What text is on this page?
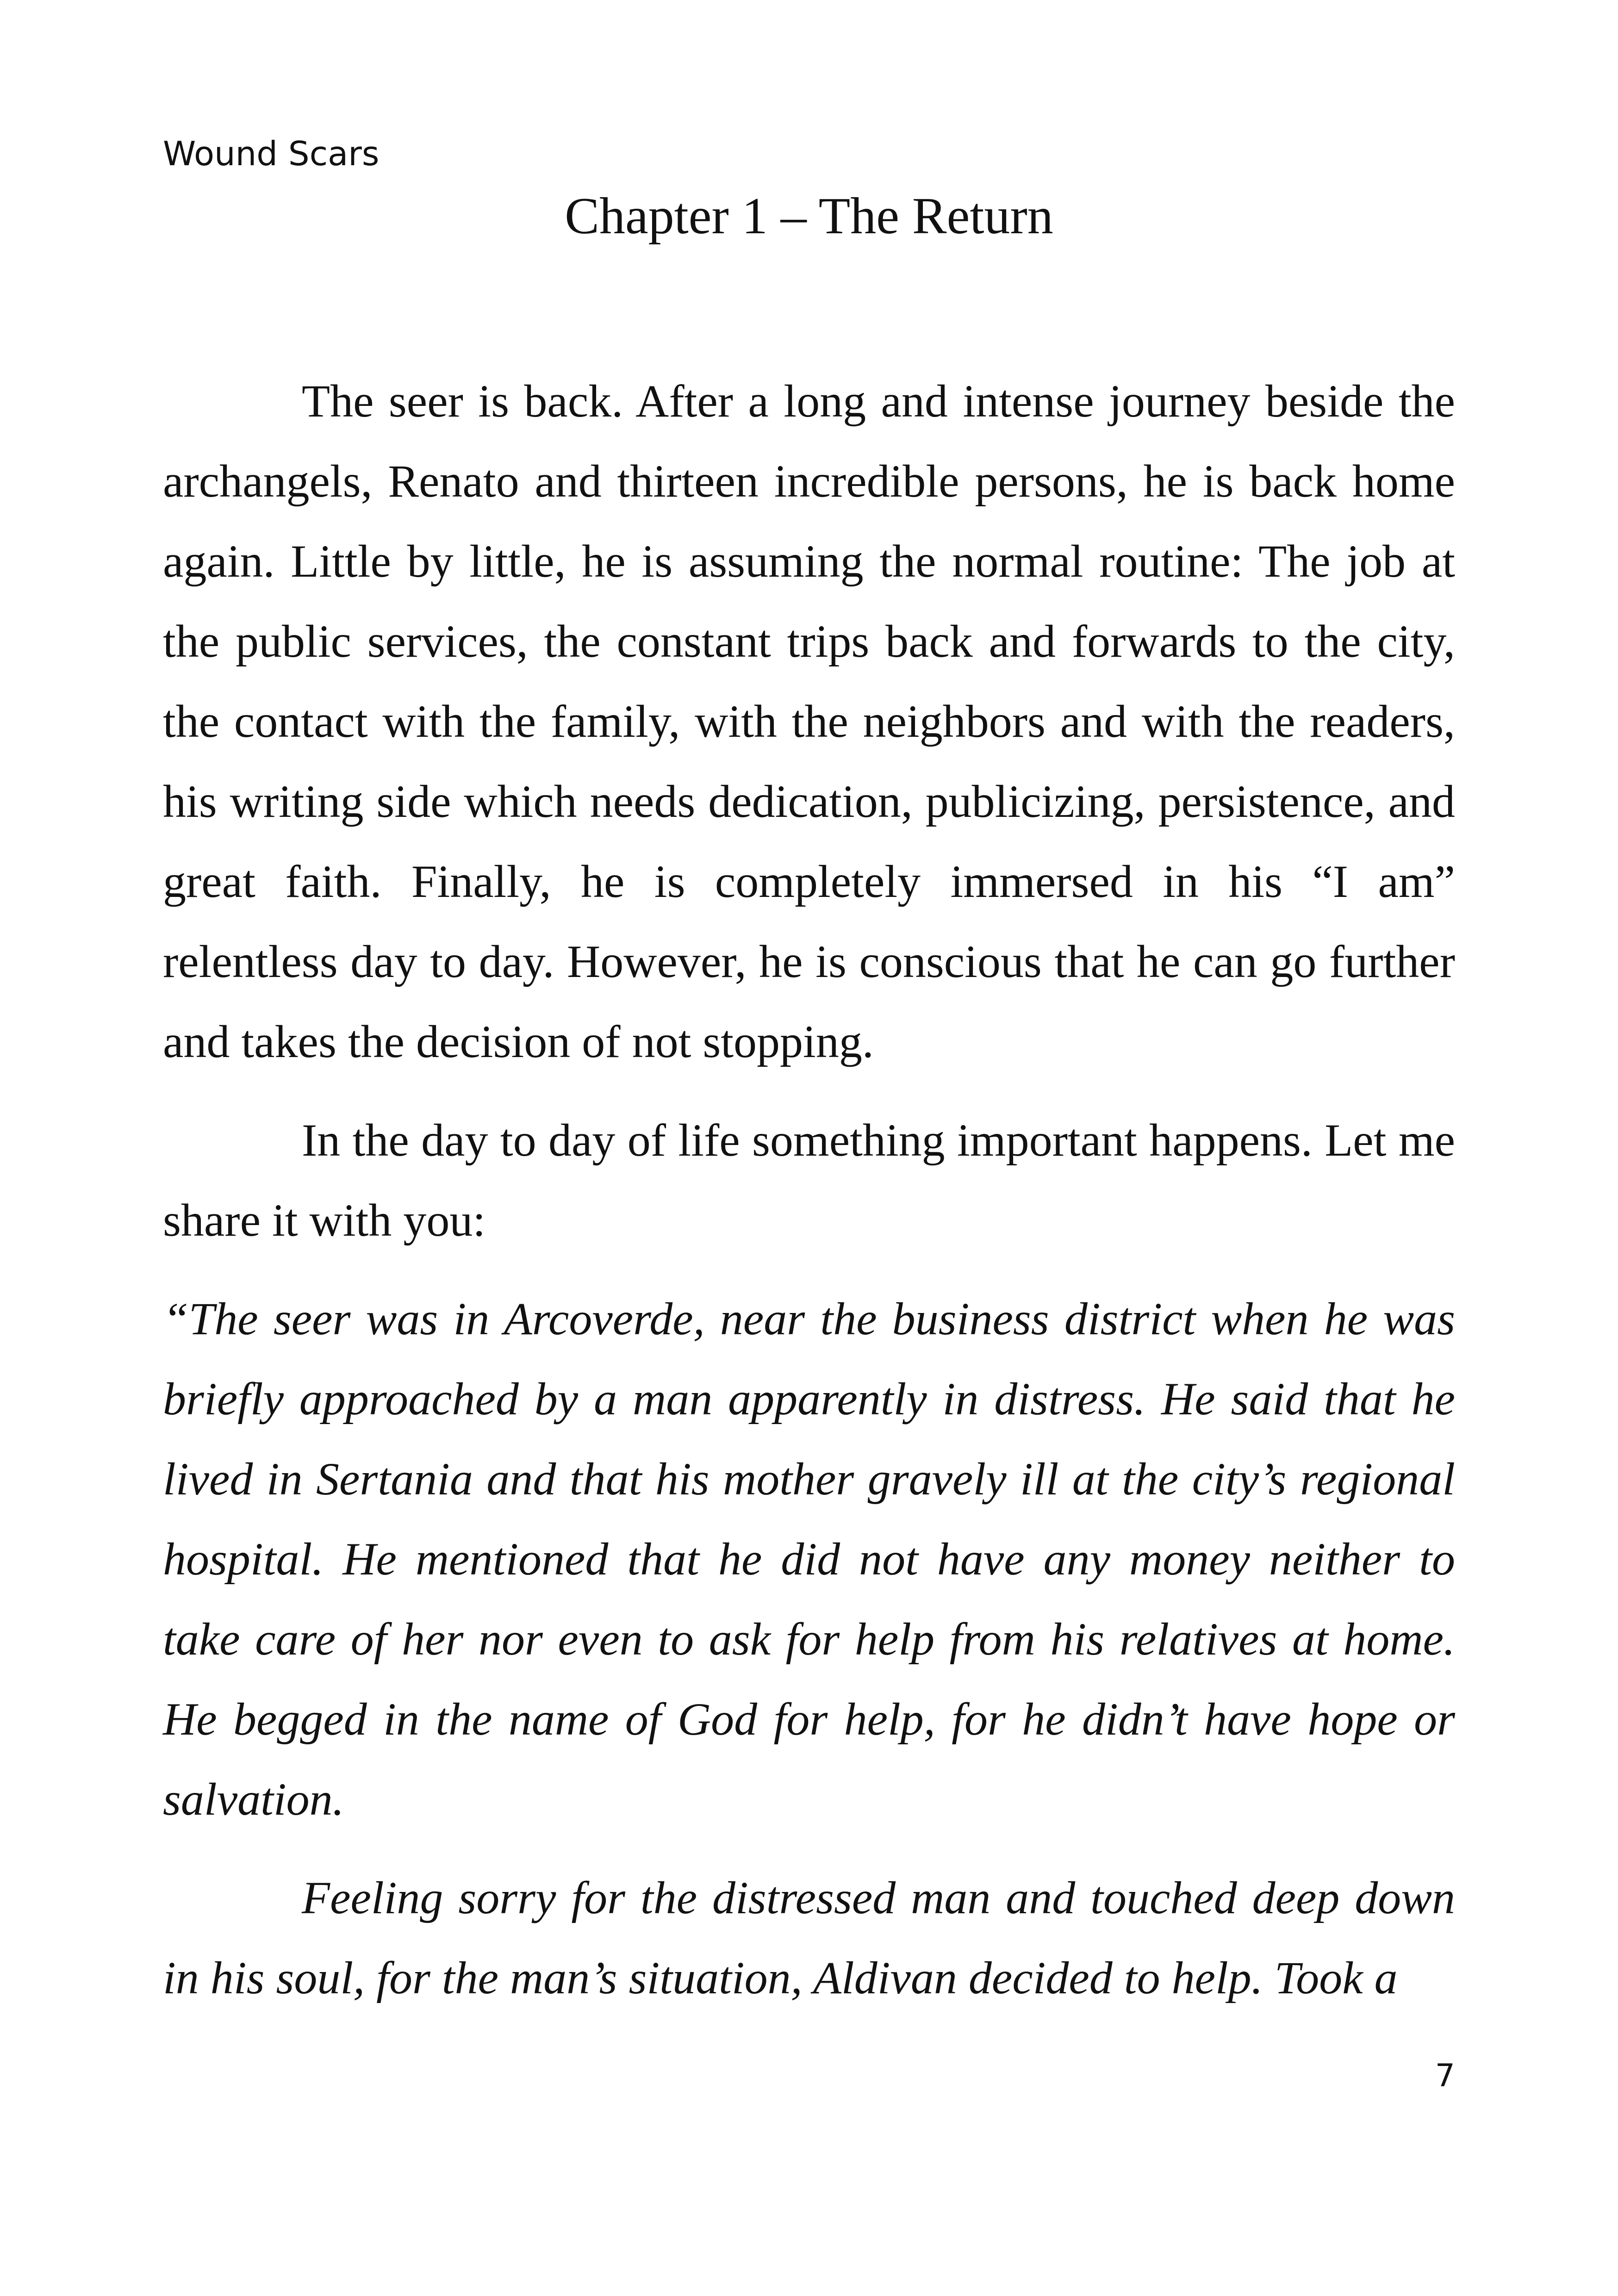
Wound Scars
Chapter 1 – The Return

The seer is back. After a long and intense journey beside the archangels, Renato and thirteen incredible persons, he is back home again. Little by little, he is assuming the normal routine: The job at the public services, the constant trips back and forwards to the city, the contact with the family, with the neighbors and with the readers, his writing side which needs dedication, publicizing, persistence, and great faith. Finally, he is completely immersed in his “I am” relentless day to day. However, he is conscious that he can go further and takes the decision of not stopping.

In the day to day of life something important happens. Let me share it with you:

“The seer was in Arcoverde, near the business district when he was briefly approached by a man apparently in distress. He said that he lived in Sertania and that his mother gravely ill at the city’s regional hospital. He mentioned that he did not have any money neither to take care of her nor even to ask for help from his relatives at home. He begged in the name of God for help, for he didn’t have hope or salvation.

Feeling sorry for the distressed man and touched deep down in his soul, for the man’s situation, Aldivan decided to help. Took a

7
